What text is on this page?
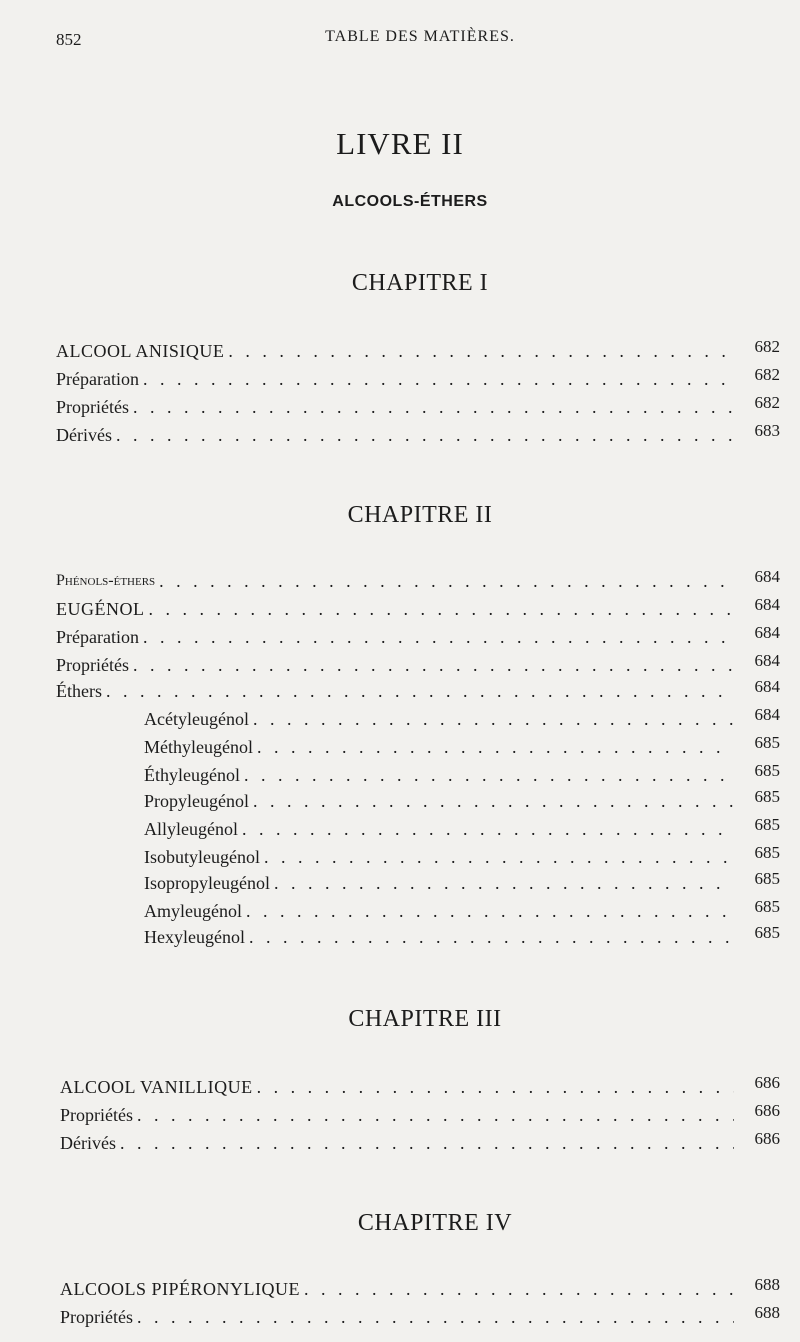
852	TABLE DES MATIÈRES.
LIVRE II
ALCOOLS-ÉTHERS
CHAPITRE I
ALCOOL ANISIQUE . . .	682
Préparation . . .	682
Propriétés . . .	682
Dérivés . . .	683
CHAPITRE II
Phénols-éthers . . .	684
EUGÉNOL . . .	684
Préparation . . .	684
Propriétés . . .	684
Éthers . . .	684
Acétyleugénol . . .	684
Méthyleugénol . . .	685
Éthyleugénol . . .	685
Propyleugénol . . .	685
Allyleugénol . . .	685
Isobutyleugénol . . .	685
Isopropyleugénol . . .	685
Amyleugénol . . .	685
Hexyleugénol . . .	685
CHAPITRE III
ALCOOL VANILLIQUE . . .	686
Propriétés . . .	686
Dérivés . . .	686
CHAPITRE IV
ALCOOLS PIPÉRONYLIQUE . . .	688
Propriétés . . .	688
